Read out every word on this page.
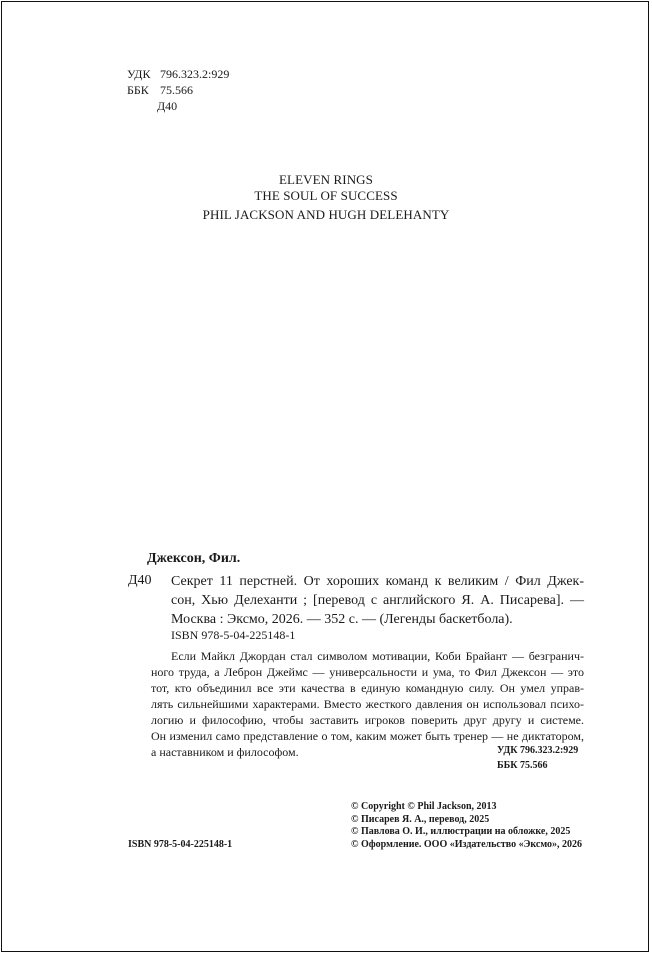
УДК 796.323.2:929
ББК 75.566
Д40
ELEVEN RINGS
THE SOUL OF SUCCESS
PHIL JACKSON AND HUGH DELEHANTY
Джексон, Фил.
Д40 Секрет 11 перстней. От хороших команд к великим / Фил Джек-
сон, Хью Делеханти ; [перевод с английского Я. А. Писарева]. —
Москва : Эксмо, 2026. — 352 с. — (Легенды баскетбола).
ISBN 978-5-04-225148-1
Если Майкл Джордан стал символом мотивации, Коби Брайант — безгранич-
ного труда, а Леброн Джеймс — универсальности и ума, то Фил Джексон — это
тот, кто объединил все эти качества в единую командную силу. Он умел управ-
лять сильнейшими характерами. Вместо жесткого давления он использовал психо-
логию и философию, чтобы заставить игроков поверить друг другу и системе.
Он изменил само представление о том, каким может быть тренер — не диктатором,
а наставником и философом.	УДК 796.323.2:929
ББК 75.566
© Copyright © Phil Jackson, 2013
© Писарев Я. А., перевод, 2025
© Павлова О. И., иллюстрации на обложке, 2025
© Оформление. ООО «Издательство «Эксмо», 2026
ISBN 978-5-04-225148-1
